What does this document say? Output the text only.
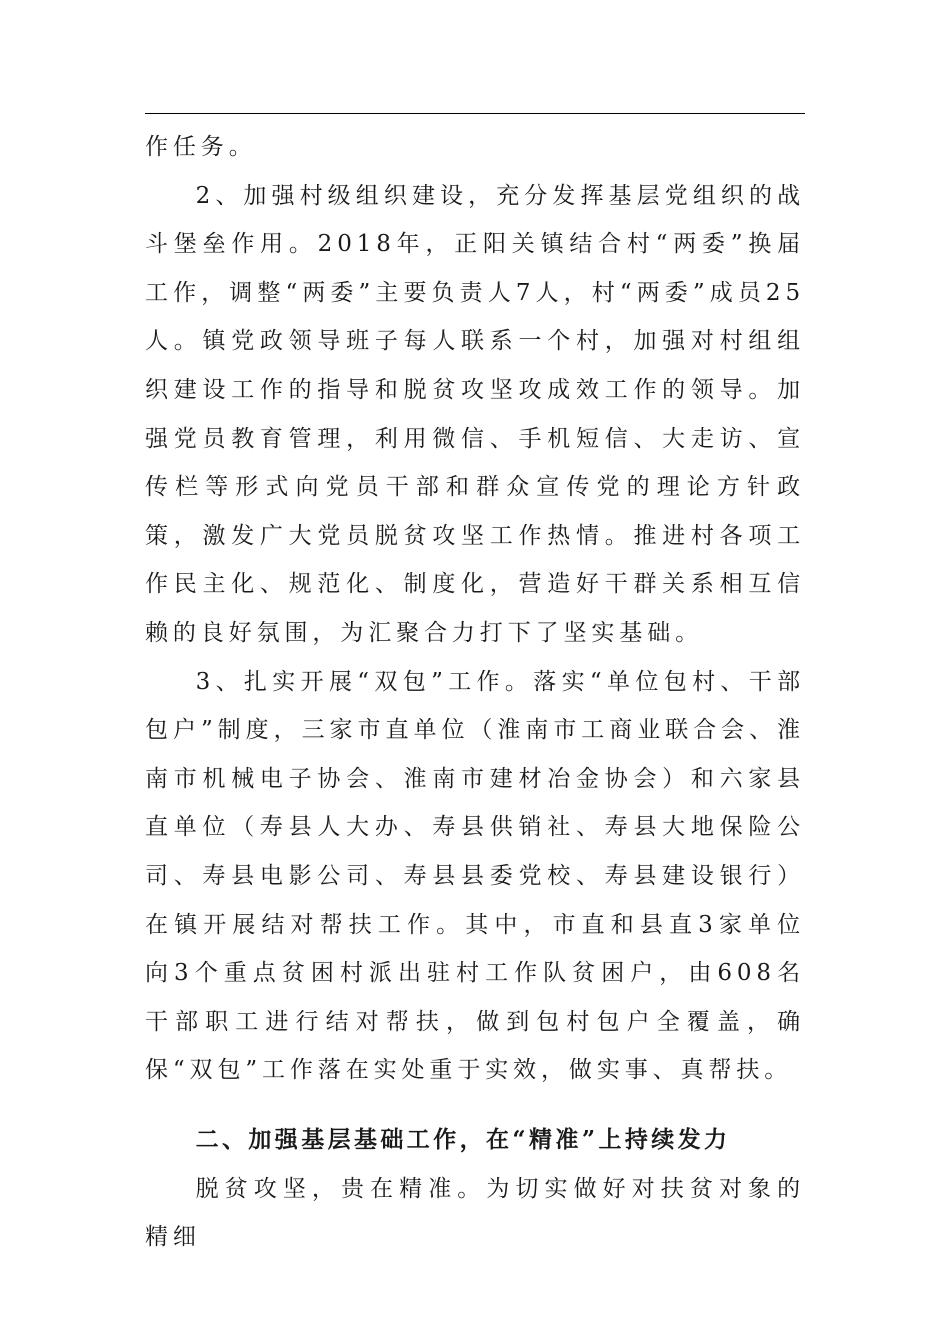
作任务。

2、加强村级组织建设，充分发挥基层党组织的战斗堡垒作用。2018年，正阳关镇结合村“两委”换届工作，调整“两委”主要负责人7人，村“两委”成员25人。镇党政领导班子每人联系一个村，加强对村组组织建设工作的指导和脱贫攻坚攻成效工作的领导。加强党员教育管理，利用微信、手机短信、大走访、宣传栏等形式向党员干部和群众宣传党的理论方针政策，激发广大党员脱贫攻坚工作热情。推进村各项工作民主化、规范化、制度化，营造好干群关系相互信赖的良好氛围，为汇聚合力打下了坚实基础。

3、扎实开展“双包”工作。落实“单位包村、干部包户”制度，三家市直单位（淮南市工商业联合会、淮南市机械电子协会、淮南市建材冶金协会）和六家县直单位（寿县人大办、寿县供销社、寿县大地保险公司、寿县电影公司、寿县县委党校、寿县建设银行）在镇开展结对帮扶工作。其中，市直和县直3家单位向3个重点贫困村派出驻村工作队贫困户，由608名干部职工进行结对帮扶，做到包村包户全覆盖，确保“双包”工作落在实处重于实效，做实事、真帮扶。

二、加强基层基础工作，在“精准”上持续发力

脱贫攻坚，贵在精准。为切实做好对扶贫对象的精细
